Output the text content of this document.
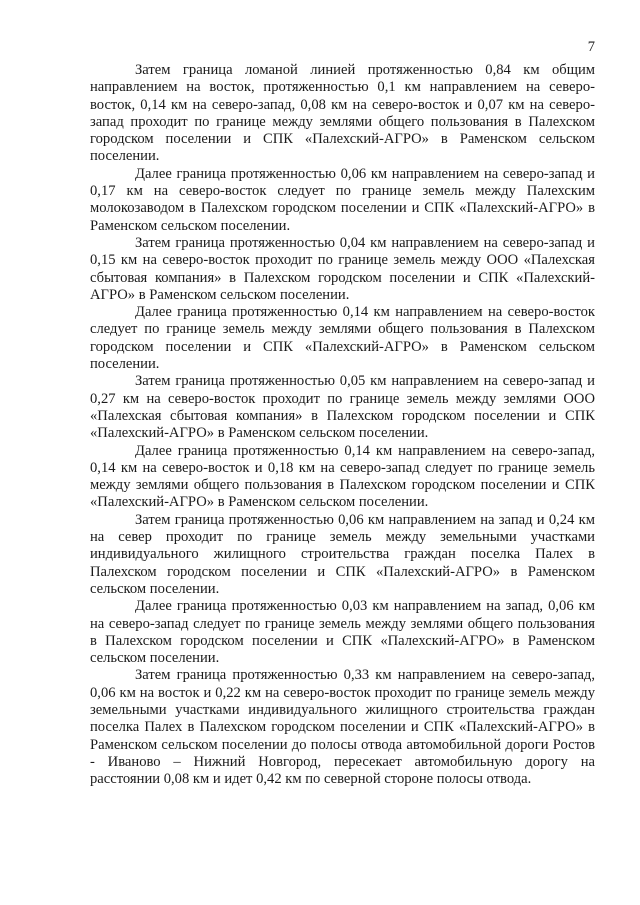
7

Затем граница ломаной линией протяженностью 0,84 км общим направлением на восток, протяженностью 0,1 км направлением на северо-восток, 0,14 км на северо-запад, 0,08 км на северо-восток и 0,07 км на северо-запад проходит по границе между землями общего пользования в Палехском городском поселении и СПК «Палехский-АГРО» в Раменском сельском поселении.

Далее граница протяженностью 0,06 км направлением на северо-запад и 0,17 км на северо-восток следует по границе земель между Палехским молокозаводом в Палехском городском поселении и СПК «Палехский-АГРО» в Раменском сельском поселении.

Затем граница протяженностью 0,04 км направлением на северо-запад и 0,15 км на северо-восток проходит по границе земель между ООО «Палехская сбытовая компания» в Палехском городском поселении и СПК «Палехский-АГРО» в Раменском сельском поселении.

Далее граница протяженностью 0,14 км направлением на северо-восток следует по границе земель между землями общего пользования в Палехском городском поселении и СПК «Палехский-АГРО» в Раменском сельском поселении.

Затем граница протяженностью 0,05 км направлением на северо-запад и 0,27 км на северо-восток проходит по границе земель между землями ООО «Палехская сбытовая компания» в Палехском городском поселении и СПК «Палехский-АГРО» в Раменском сельском поселении.

Далее граница протяженностью 0,14 км направлением на северо-запад, 0,14 км на северо-восток и 0,18 км на северо-запад следует по границе земель между землями общего пользования в Палехском городском поселении и СПК «Палехский-АГРО» в Раменском сельском поселении.

Затем граница протяженностью 0,06 км направлением на запад и 0,24 км на север проходит по границе земель между земельными участками индивидуального жилищного строительства граждан поселка Палех в Палехском городском поселении и СПК «Палехский-АГРО» в Раменском сельском поселении.

Далее граница протяженностью 0,03 км направлением на запад, 0,06 км на северо-запад следует по границе земель между землями общего пользования в Палехском городском поселении и СПК «Палехский-АГРО» в Раменском сельском поселении.

Затем граница протяженностью 0,33 км направлением на северо-запад, 0,06 км на восток и 0,22 км на северо-восток проходит по границе земель между земельными участками индивидуального жилищного строительства граждан поселка Палех в Палехском городском поселении и СПК «Палехский-АГРО» в Раменском сельском поселении до полосы отвода автомобильной дороги Ростов - Иваново – Нижний Новгород, пересекает автомобильную дорогу на расстоянии 0,08 км и идет 0,42 км по северной стороне полосы отвода.
